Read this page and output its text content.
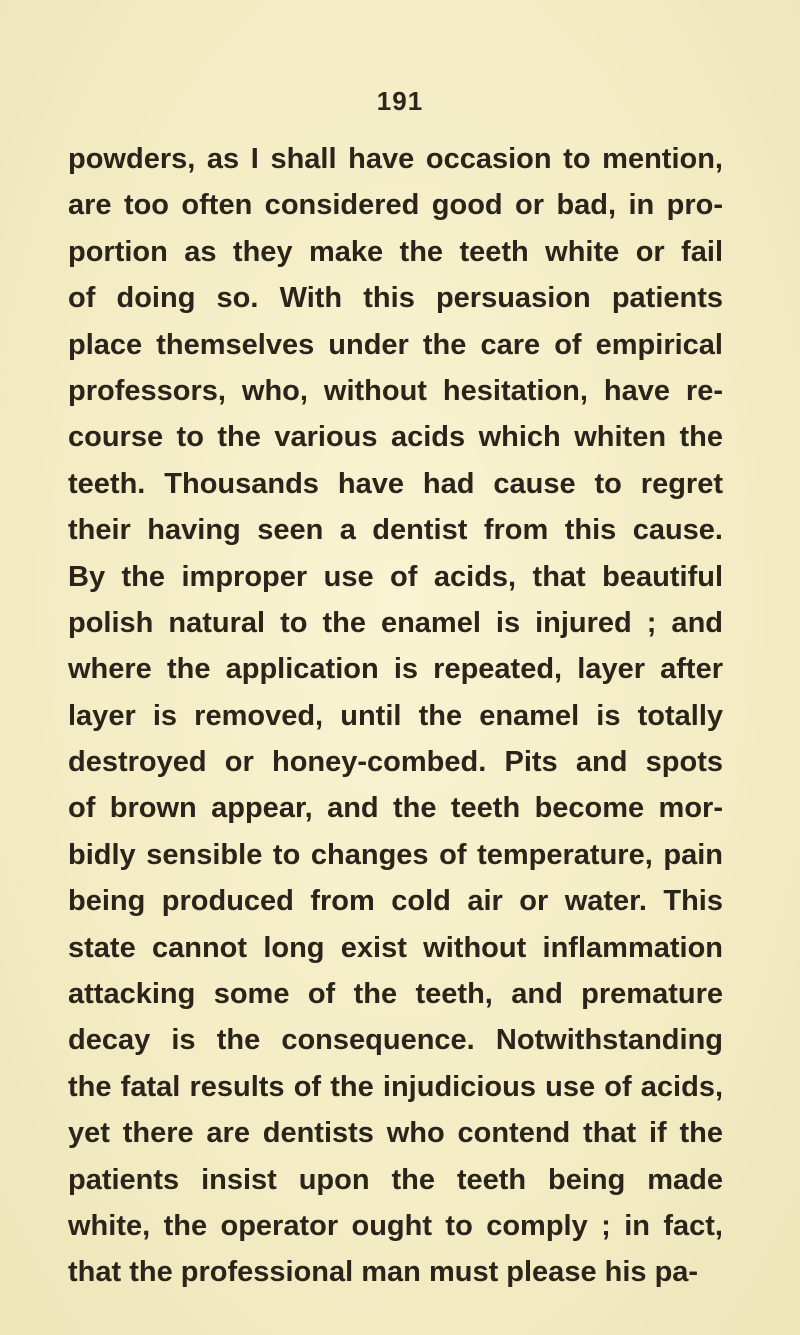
191
powders, as I shall have occasion to mention,
are too often considered good or bad, in pro-
portion as they make the teeth white or fail
of doing so. With this persuasion patients
place themselves under the care of empirical
professors, who, without hesitation, have re-
course to the various acids which whiten the
teeth. Thousands have had cause to regret
their having seen a dentist from this cause.
By the improper use of acids, that beautiful
polish natural to the enamel is injured ; and
where the application is repeated, layer after
layer is removed, until the enamel is totally
destroyed or honey-combed. Pits and spots
of brown appear, and the teeth become mor-
bidly sensible to changes of temperature, pain
being produced from cold air or water. This
state cannot long exist without inflammation
attacking some of the teeth, and premature
decay is the consequence. Notwithstanding
the fatal results of the injudicious use of acids,
yet there are dentists who contend that if the
patients insist upon the teeth being made
white, the operator ought to comply ; in fact,
that the professional man must please his pa-
